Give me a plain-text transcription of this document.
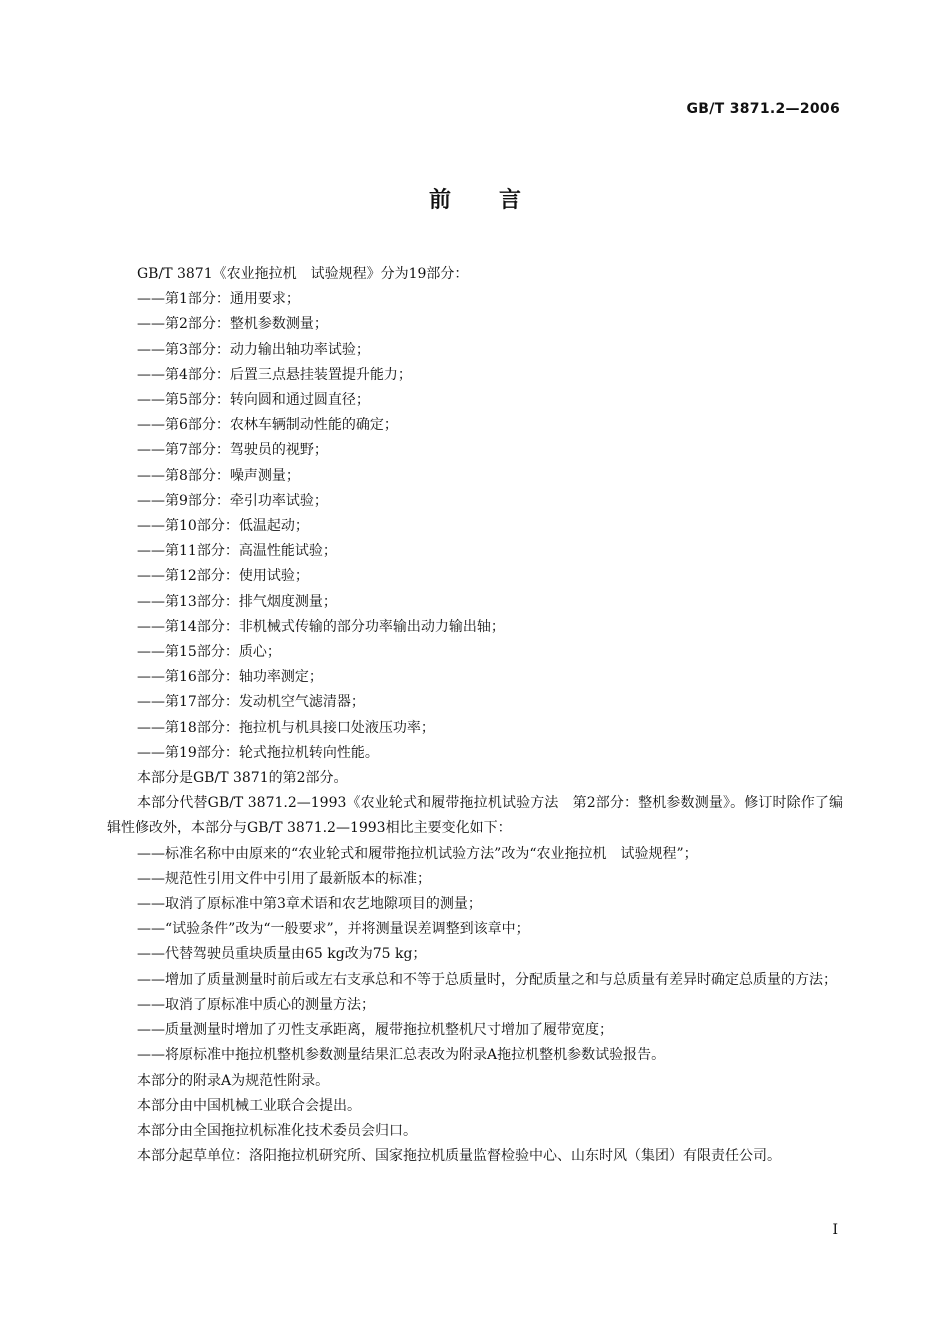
GB/T 3871.2—2006
前言
GB/T 3871《农业拖拉机　试验规程》分为19部分：
——第1部分：通用要求；
——第2部分：整机参数测量；
——第3部分：动力输出轴功率试验；
——第4部分：后置三点悬挂装置提升能力；
——第5部分：转向圆和通过圆直径；
——第6部分：农林车辆制动性能的确定；
——第7部分：驾驶员的视野；
——第8部分：噪声测量；
——第9部分：牵引功率试验；
——第10部分：低温起动；
——第11部分：高温性能试验；
——第12部分：使用试验；
——第13部分：排气烟度测量；
——第14部分：非机械式传输的部分功率输出动力输出轴；
——第15部分：质心；
——第16部分：轴功率测定；
——第17部分：发动机空气滤清器；
——第18部分：拖拉机与机具接口处液压功率；
——第19部分：轮式拖拉机转向性能。
本部分是GB/T 3871的第2部分。
本部分代替GB/T 3871.2—1993《农业轮式和履带拖拉机试验方法　第2部分：整机参数测量》。修订时除作了编辑性修改外，本部分与GB/T 3871.2—1993相比主要变化如下：
——标准名称中由原来的“农业轮式和履带拖拉机试验方法”改为“农业拖拉机　试验规程”；
——规范性引用文件中引用了最新版本的标准；
——取消了原标准中第3章术语和农艺地隙项目的测量；
——“试验条件”改为“一般要求”，并将测量误差调整到该章中；
——代替驾驶员重块质量由65 kg改为75 kg；
——增加了质量测量时前后或左右支承总和不等于总质量时，分配质量之和与总质量有差异时确定总质量的方法；
——取消了原标准中质心的测量方法；
——质量测量时增加了刃性支承距离，履带拖拉机整机尺寸增加了履带宽度；
——将原标准中拖拉机整机参数测量结果汇总表改为附录A拖拉机整机参数试验报告。
本部分的附录A为规范性附录。
本部分由中国机械工业联合会提出。
本部分由全国拖拉机标准化技术委员会归口。
本部分起草单位：洛阳拖拉机研究所、国家拖拉机质量监督检验中心、山东时风（集团）有限责任公司。
I
